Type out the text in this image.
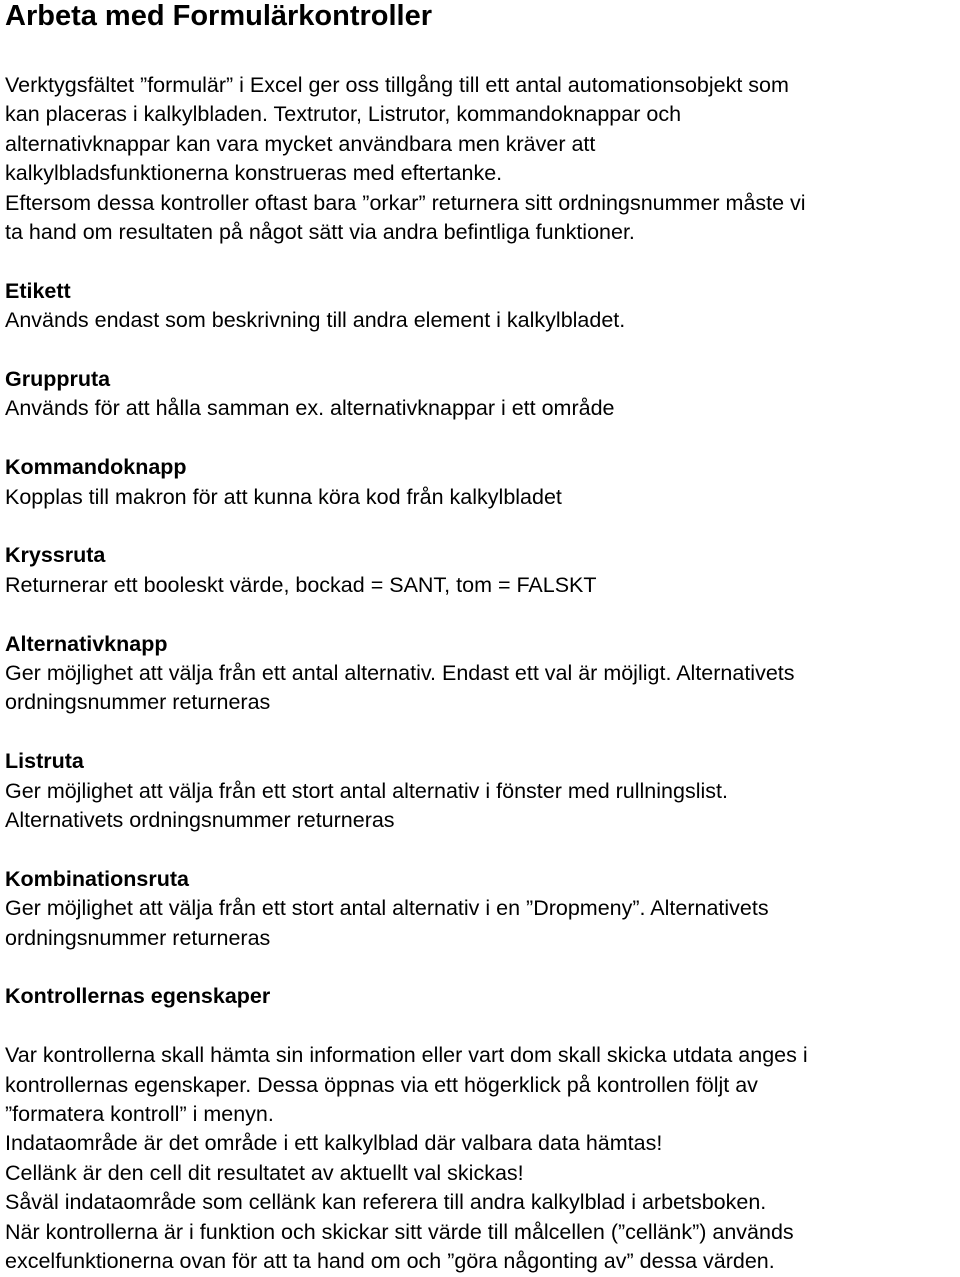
Arbeta med Formulärkontroller

Verktygsfältet ”formulär” i Excel ger oss tillgång till ett antal automationsobjekt som

kan placeras i kalkylbladen. Textrutor, Listrutor, kommandoknappar och

alternativknappar kan vara mycket användbara men kräver att

kalkylbladsfunktionerna konstrueras med eftertanke.

Eftersom dessa kontroller oftast bara ”orkar” returnera sitt ordningsnummer måste vi

ta hand om resultaten på något sätt via andra befintliga funktioner.

Etikett

Används endast som beskrivning till andra element i kalkylbladet.

Gruppruta

Används för att hålla samman ex. alternativknappar i ett område

Kommandoknapp

Kopplas till makron för att kunna köra kod från kalkylbladet

Kryssruta

Returnerar ett booleskt värde, bockad = SANT, tom = FALSKT

Alternativknapp

Ger möjlighet att välja från ett antal alternativ. Endast ett val är möjligt. Alternativets

ordningsnummer returneras

Listruta

Ger möjlighet att välja från ett stort antal alternativ i fönster med rullningslist.

Alternativets ordningsnummer returneras

Kombinationsruta

Ger möjlighet att välja från ett stort antal alternativ i en ”Dropmeny”. Alternativets

ordningsnummer returneras

Kontrollernas egenskaper

Var kontrollerna skall hämta sin information eller vart dom skall skicka utdata anges i

kontrollernas egenskaper. Dessa öppnas via ett högerklick på kontrollen följt av

”formatera kontroll” i menyn.

Indataområde är det område i ett kalkylblad där valbara data hämtas!

Cellänk är den cell dit resultatet av aktuellt val skickas!

Såväl indataområde som cellänk kan referera till andra kalkylblad i arbetsboken.

När kontrollerna är i funktion och skickar sitt värde till målcellen (”cellänk”) används

excelfunktionerna ovan för att ta hand om och ”göra någonting av” dessa värden.
